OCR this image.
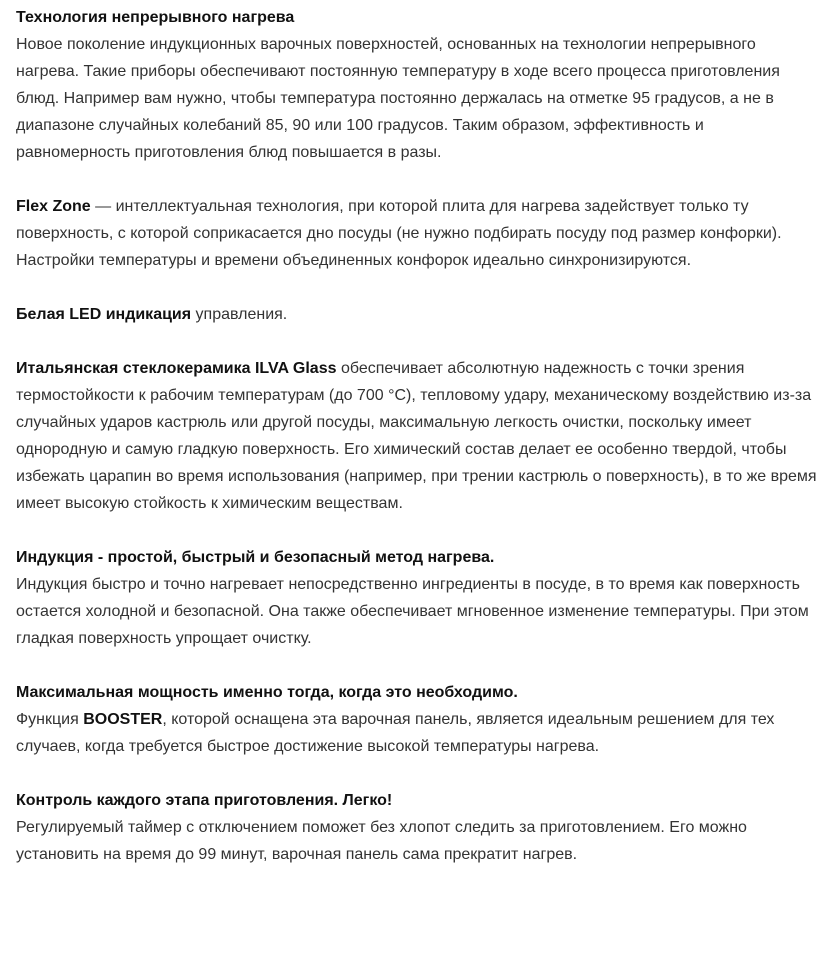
Технология непрерывного нагрева

Новое поколение индукционных варочных поверхностей, основанных на технологии непрерывного нагрева. Такие приборы обеспечивают постоянную температуру в ходе всего процесса приготовления блюд. Например вам нужно, чтобы температура постоянно держалась на отметке 95 градусов, а не в диапазоне случайных колебаний 85, 90 или 100 градусов. Таким образом, эффективность и равномерность приготовления блюд повышается в разы.

Flex Zone — интеллектуальная технология, при которой плита для нагрева задействует только ту поверхность, с которой соприкасается дно посуды (не нужно подбирать посуду под размер конфорки). Настройки температуры и времени объединенных конфорок идеально синхронизируются.

Белая LED индикация управления.

Итальянская стеклокерамика ILVA Glass обеспечивает абсолютную надежность с точки зрения термостойкости к рабочим температурам (до 700 °C), тепловому удару, механическому воздействию из-за случайных ударов кастрюль или другой посуды, максимальную легкость очистки, поскольку имеет однородную и самую гладкую поверхность. Его химический состав делает ее особенно твердой, чтобы избежать царапин во время использования (например, при трении кастрюль о поверхность), в то же время имеет высокую стойкость к химическим веществам.

Индукция - простой, быстрый и безопасный метод нагрева.

Индукция быстро и точно нагревает непосредственно ингредиенты в посуде, в то время как поверхность остается холодной и безопасной. Она также обеспечивает мгновенное изменение температуры. При этом гладкая поверхность упрощает очистку.

Максимальная мощность именно тогда, когда это необходимо.

Функция BOOSTER, которой оснащена эта варочная панель, является идеальным решением для тех случаев, когда требуется быстрое достижение высокой температуры нагрева.

Контроль каждого этапа приготовления. Легко!

Регулируемый таймер с отключением поможет без хлопот следить за приготовлением. Его можно установить на время до 99 минут, варочная панель сама прекратит нагрев.
